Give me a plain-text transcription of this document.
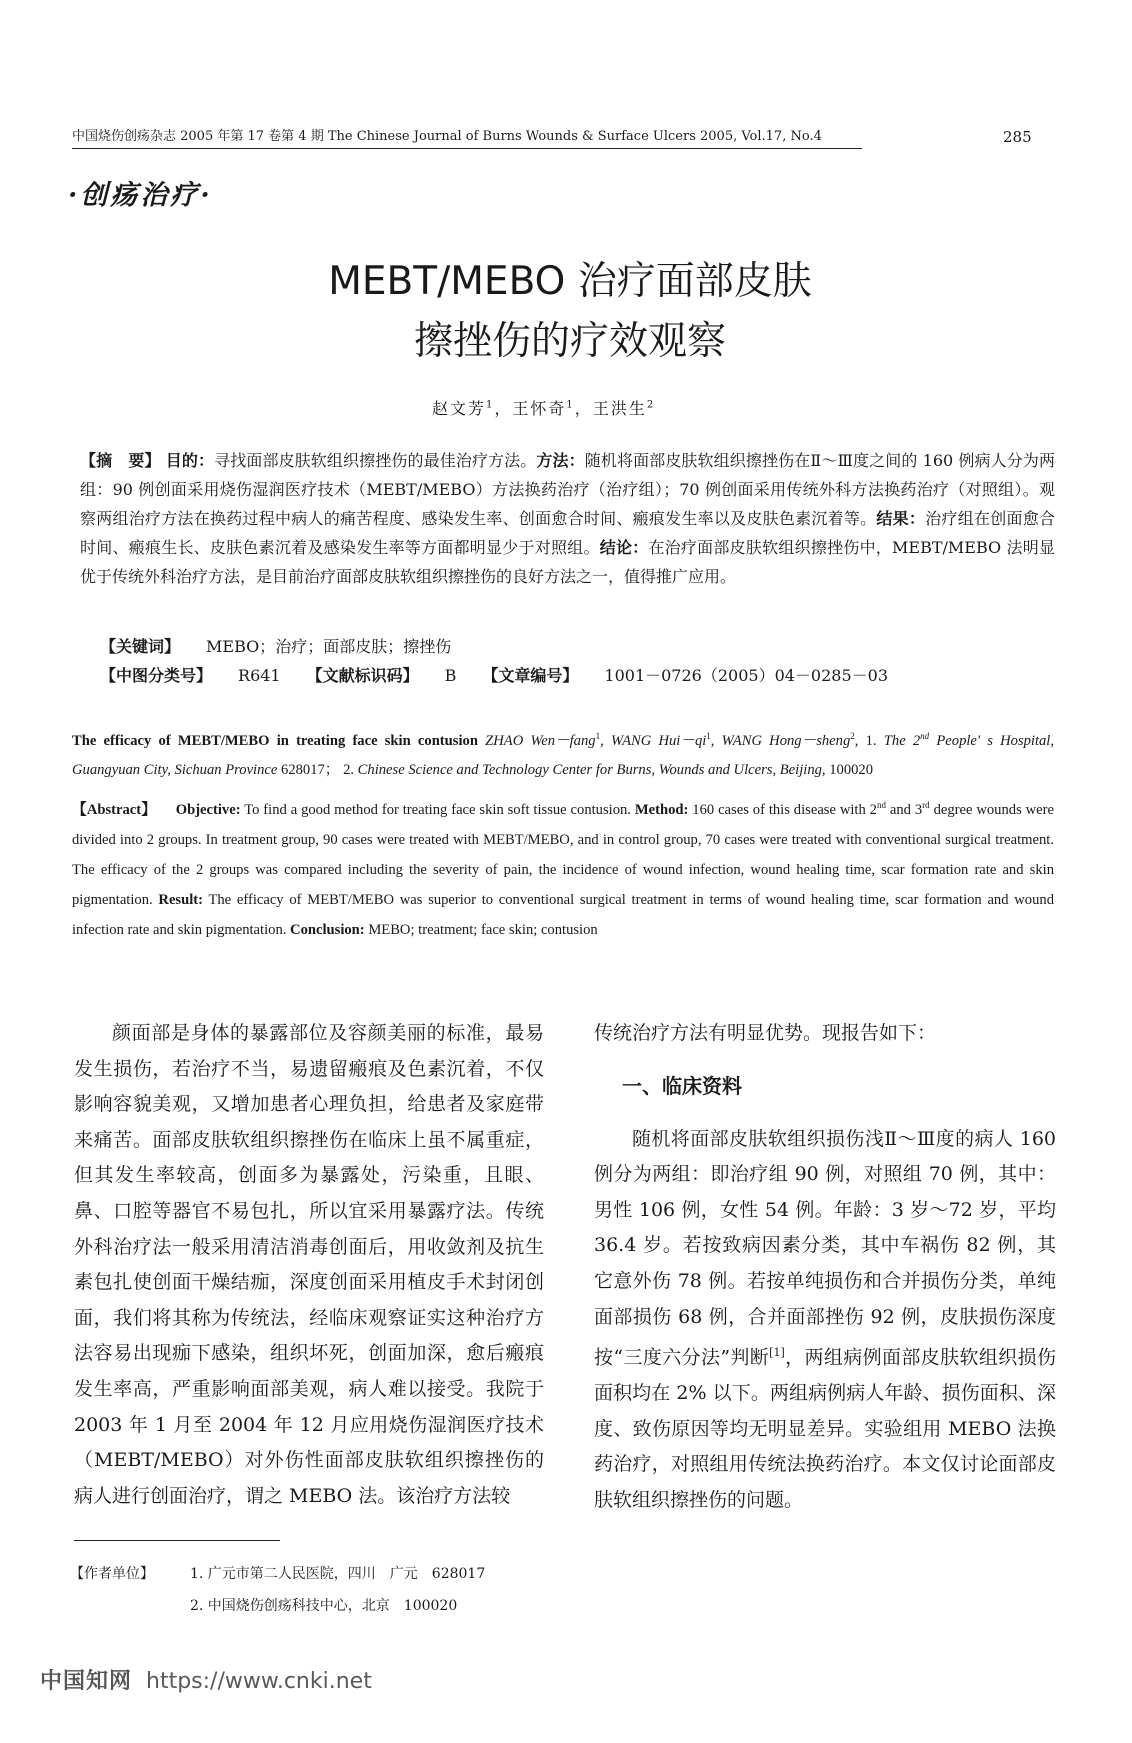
中国烧伤创疡杂志 2005 年第 17 卷第 4 期 The Chinese Journal of Burns Wounds & Surface Ulcers 2005, Vol.17, No.4	285
·创疡治疗·
MEBT/MEBO 治疗面部皮肤
擦挫伤的疗效观察
赵文芳$^1$，王怀奇$^1$，王洪生$^2$
【摘　要】 目的：寻找面部皮肤软组织擦挫伤的最佳治疗方法。方法：随机将面部皮肤软组织擦挫伤在Ⅱ～Ⅲ度之间的 160 例病人分为两组：90 例创面采用烧伤湿润医疗技术（MEBT/MEBO）方法换药治疗（治疗组）；70 例创面采用传统外科方法换药治疗（对照组）。观察两组治疗方法在换药过程中病人的痛苦程度、感染发生率、创面愈合时间、瘢痕发生率以及皮肤色素沉着等。结果：治疗组在创面愈合时间、瘢痕生长、皮肤色素沉着及感染发生率等方面都明显少于对照组。结论：在治疗面部皮肤软组织擦挫伤中，MEBT/MEBO 法明显优于传统外科治疗方法，是目前治疗面部皮肤软组织擦挫伤的良好方法之一，值得推广应用。
【关键词】 MEBO；治疗；面部皮肤；擦挫伤
【中图分类号】 R641 【文献标识码】 B 【文章编号】 1001－0726（2005）04－0285－03
The efficacy of MEBT/MEBO in treating face skin contusion ZHAO Wen－fang$^1$, WANG $Hui-qi^1$, WANG Hong－sheng$^2$, 1. The 2nd People' s Hospital, Guangyuan City, Sichuan Province 628017； 2. Chinese Science and Technology Center for Burns, Wounds and Ulcers, Beijing, 100020
【Abstract】 Objective: To find a good method for treating face skin soft tissue contusion. Method: 160 cases of this disease with 2nd and 3rd degree wounds were divided into 2 groups. In treatment group, 90 cases were treated with MEBT/MEBO, and in control group, 70 cases were treated with conventional surgical treatment. The efficacy of the 2 groups was compared including the severity of pain, the incidence of wound infection, wound healing time, scar formation rate and skin pigmentation. Result: The efficacy of MEBT/MEBO was superior to conventional surgical treatment in terms of wound healing time, scar formation and wound infection rate and skin pigmentation. Conclusion: MEBO; treatment; face skin; contusion

颜面部是身体的暴露部位及容颜美丽的标准，最易发生损伤，若治疗不当，易遗留瘢痕及色素沉着，不仅影响容貌美观，又增加患者心理负担，给患者及家庭带来痛苦。面部皮肤软组织擦挫伤在临床上虽不属重症，但其发生率较高，创面多为暴露处，污染重，且眼、鼻、口腔等器官不易包扎，所以宜采用暴露疗法。传统外科治疗法一般采用清洁消毒创面后，用收敛剂及抗生素包扎使创面干燥结痂，深度创面采用植皮手术封闭创面，我们将其称为传统法，经临床观察证实这种治疗方法容易出现痂下感染，组织坏死，创面加深，愈后瘢痕发生率高，严重影响面部美观，病人难以接受。我院于 2003 年 1 月至 2004 年 12 月应用烧伤湿润医疗技术（MEBT/MEBO）对外伤性面部皮肤软组织擦挫伤的病人进行创面治疗，谓之 MEBO 法。该治疗方法较

传统治疗方法有明显优势。现报告如下：

一、临床资料

随机将面部皮肤软组织损伤浅Ⅱ～Ⅲ度的病人 160 例分为两组：即治疗组 90 例，对照组 70 例，其中：男性 106 例，女性 54 例。年龄：3 岁～72 岁，平均 36.4 岁。若按致病因素分类，其中车祸伤 82 例，其它意外伤 78 例。若按单纯损伤和合并损伤分类，单纯面部损伤 68 例，合并面部挫伤 92 例，皮肤损伤深度按“三度六分法”判断[1]，两组病例面部皮肤软组织损伤面积均在 2% 以下。两组病例病人年龄、损伤面积、深度、致伤原因等均无明显差异。实验组用 MEBO 法换药治疗，对照组用传统法换药治疗。本文仅讨论面部皮肤软组织擦挫伤的问题。

【作者单位】	1. 广元市第二人民医院，四川　广元　628017
2. 中国烧伤创疡科技中心，北京　100020
中国知网 https://www.cnki.net
